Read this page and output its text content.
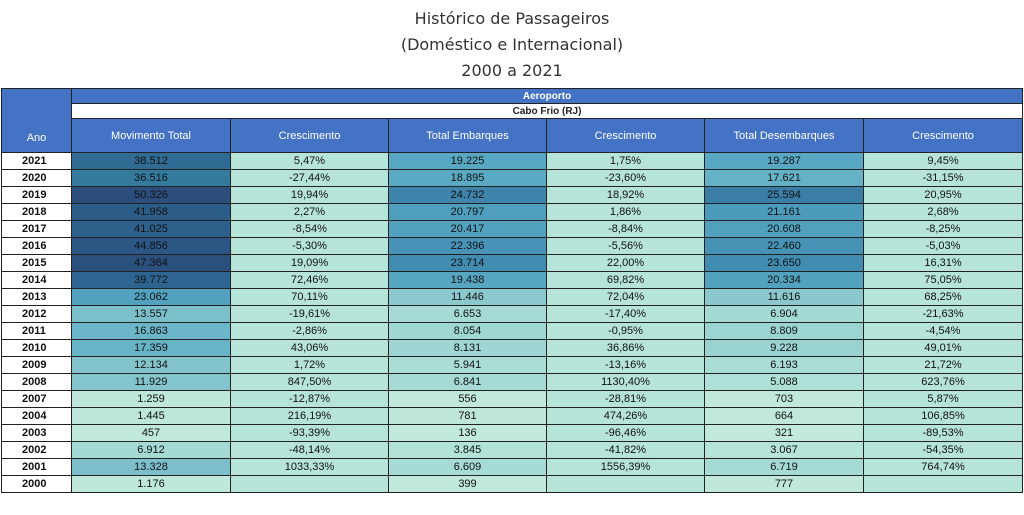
Histórico de Passageiros
(Doméstico e Internacional)
2000 a 2021
Ano	Aeroporto					
	Cabo Frio (RJ)					
	Movimento Total	Crescimento	Total Embarques	Crescimento	Total Desembarques	Crescimento
2021	38.512	5,47%	19.225	1,75%	19.287	9,45%
2020	36.516	-27,44%	18.895	-23,60%	17.621	-31,15%
2019	50.326	19,94%	24.732	18,92%	25.594	20,95%
2018	41.958	2,27%	20.797	1,86%	21.161	2,68%
2017	41.025	-8,54%	20.417	-8,84%	20.608	-8,25%
2016	44.856	-5,30%	22.396	-5,56%	22.460	-5,03%
2015	47.364	19,09%	23.714	22,00%	23.650	16,31%
2014	39.772	72,46%	19.438	69,82%	20.334	75,05%
2013	23.062	70,11%	11.446	72,04%	11.616	68,25%
2012	13.557	-19,61%	6.653	-17,40%	6.904	-21,63%
2011	16.863	-2,86%	8.054	-0,95%	8.809	-4,54%
2010	17.359	43,06%	8.131	36,86%	9.228	49,01%
2009	12.134	1,72%	5.941	-13,16%	6.193	21,72%
2008	11.929	847,50%	6.841	1130,40%	5.088	623,76%
2007	1.259	-12,87%	556	-28,81%	703	5,87%
2004	1.445	216,19%	781	474,26%	664	106,85%
2003	457	-93,39%	136	-96,46%	321	-89,53%
2002	6.912	-48,14%	3.845	-41,82%	3.067	-54,35%
2001	13.328	1033,33%	6.609	1556,39%	6.719	764,74%
2000	1.176		399		777	
